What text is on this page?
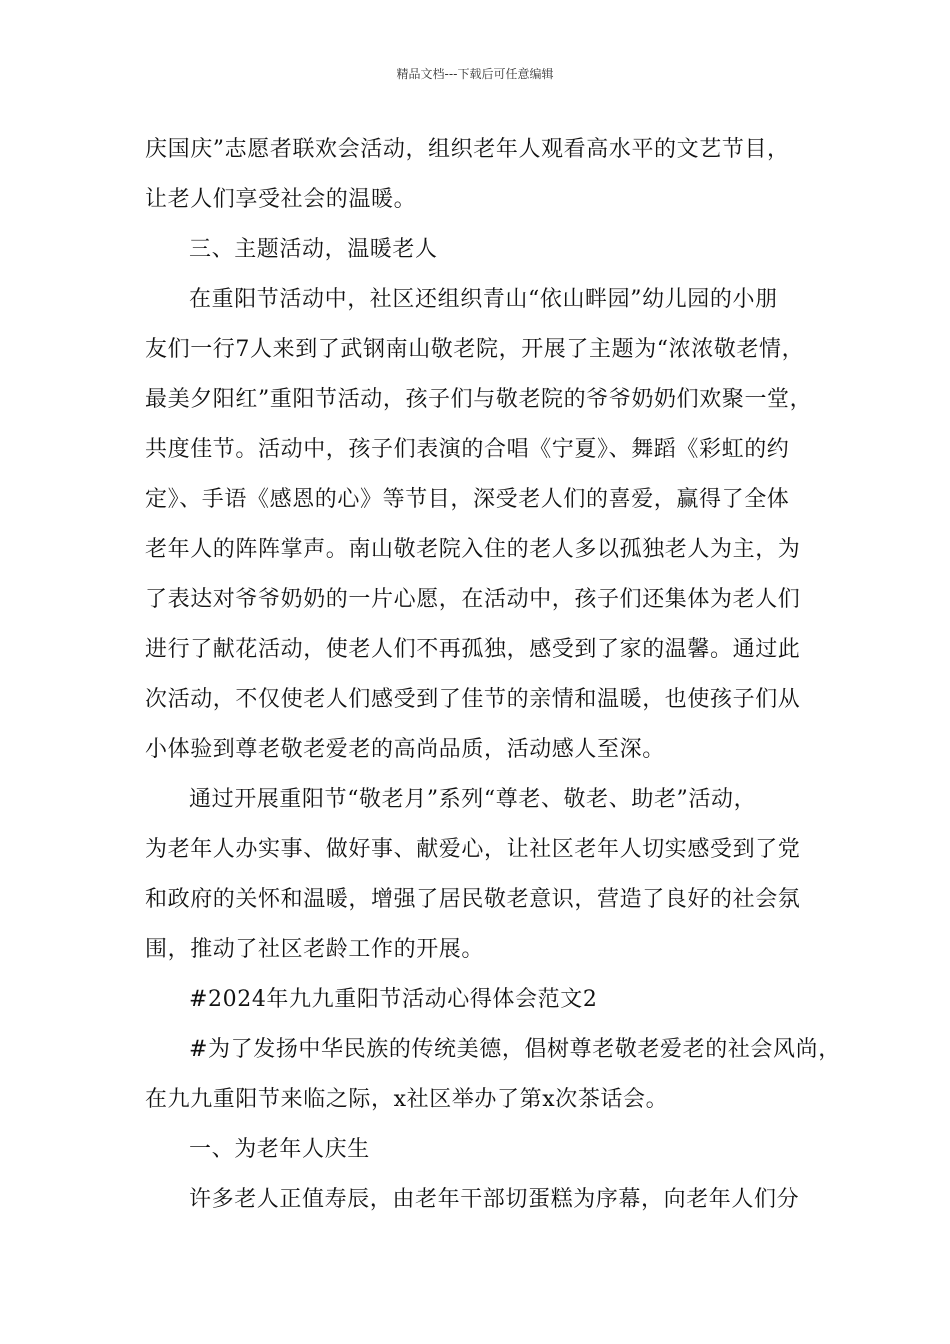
精品文档---下载后可任意编辑
庆国庆”志愿者联欢会活动，组织老年人观看高水平的文艺节目，
让老人们享受社会的温暖。
三、主题活动，温暖老人
在重阳节活动中，社区还组织青山“依山畔园”幼儿园的小朋
友们一行7人来到了武钢南山敬老院，开展了主题为“浓浓敬老情，
最美夕阳红”重阳节活动，孩子们与敬老院的爷爷奶奶们欢聚一堂，
共度佳节。活动中，孩子们表演的合唱《宁夏》、舞蹈《彩虹的约
定》、手语《感恩的心》等节目，深受老人们的喜爱，赢得了全体
老年人的阵阵掌声。南山敬老院入住的老人多以孤独老人为主，为
了表达对爷爷奶奶的一片心愿，在活动中，孩子们还集体为老人们
进行了献花活动，使老人们不再孤独，感受到了家的温馨。通过此
次活动，不仅使老人们感受到了佳节的亲情和温暖，也使孩子们从
小体验到尊老敬老爱老的高尚品质，活动感人至深。
通过开展重阳节“敬老月”系列“尊老、敬老、助老”活动，
为老年人办实事、做好事、献爱心，让社区老年人切实感受到了党
和政府的关怀和温暖，增强了居民敬老意识，营造了良好的社会氛
围，推动了社区老龄工作的开展。
#2024年九九重阳节活动心得体会范文2
#为了发扬中华民族的传统美德，倡树尊老敬老爱老的社会风尚，
在九九重阳节来临之际，x社区举办了第x次茶话会。
一、为老年人庆生
许多老人正值寿辰，由老年干部切蛋糕为序幕，向老年人们分
